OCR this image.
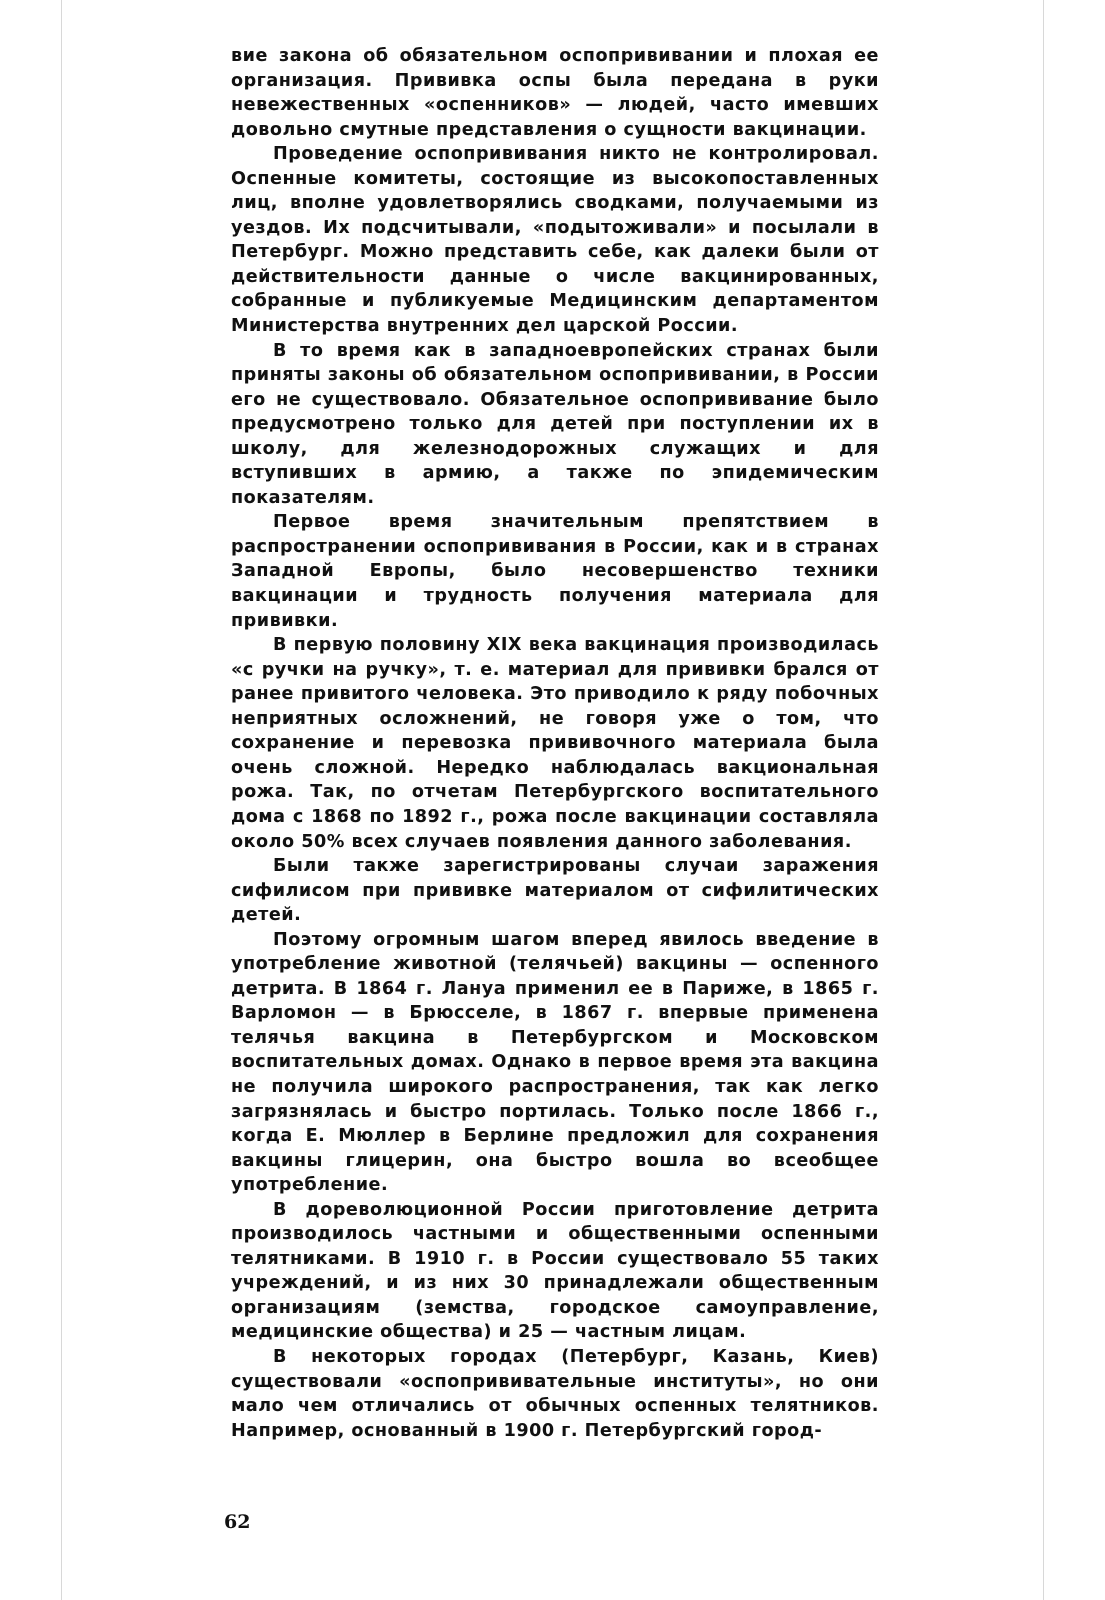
вие закона об обязательном оспопрививании и плохая ее организация. Прививка оспы была передана в руки невежественных «оспенников» — людей, часто имевших довольно смутные представления о сущности вакцинации.

Проведение оспопрививания никто не контролировал. Оспенные комитеты, состоящие из высокопоставленных лиц, вполне удовлетворялись сводками, получаемыми из уездов. Их подсчитывали, «подытоживали» и посылали в Петербург. Можно представить себе, как далеки были от действительности данные о числе вакцинированных, собранные и публикуемые Медицинским департаментом Министерства внутренних дел царской России.

В то время как в западноевропейских странах были приняты законы об обязательном оспопрививании, в России его не существовало. Обязательное оспопрививание было предусмотрено только для детей при поступлении их в школу, для железнодорожных служащих и для вступивших в армию, а также по эпидемическим показателям.

Первое время значительным препятствием в распространении оспопрививания в России, как и в странах Западной Европы, было несовершенство техники вакцинации и трудность получения материала для прививки.

В первую половину XIX века вакцинация производилась «с ручки на ручку», т. е. материал для прививки брался от ранее привитого человека. Это приводило к ряду побочных неприятных осложнений, не говоря уже о том, что сохранение и перевозка прививочного материала была очень сложной. Нередко наблюдалась вакциональная рожа. Так, по отчетам Петербургского воспитательного дома с 1868 по 1892 г., рожа после вакцинации составляла около 50% всех случаев появления данного заболевания.

Были также зарегистрированы случаи заражения сифилисом при прививке материалом от сифилитических детей.

Поэтому огромным шагом вперед явилось введение в употребление животной (телячьей) вакцины — оспенного детрита. В 1864 г. Лануа применил ее в Париже, в 1865 г. Варломон — в Брюсселе, в 1867 г. впервые применена телячья вакцина в Петербургском и Московском воспитательных домах. Однако в первое время эта вакцина не получила широкого распространения, так как легко загрязнялась и быстро портилась. Только после 1866 г., когда Е. Мюллер в Берлине предложил для сохранения вакцины глицерин, она быстро вошла во всеобщее употребление.

В дореволюционной России приготовление детрита производилось частными и общественными оспенными телятниками. В 1910 г. в России существовало 55 таких учреждений, и из них 30 принадлежали общественным организациям (земства, городское самоуправление, медицинские общества) и 25 — частным лицам.

В некоторых городах (Петербург, Казань, Киев) существовали «оспопрививательные институты», но они мало чем отличались от обычных оспенных телятников. Например, основанный в 1900 г. Петербургский город-

62
